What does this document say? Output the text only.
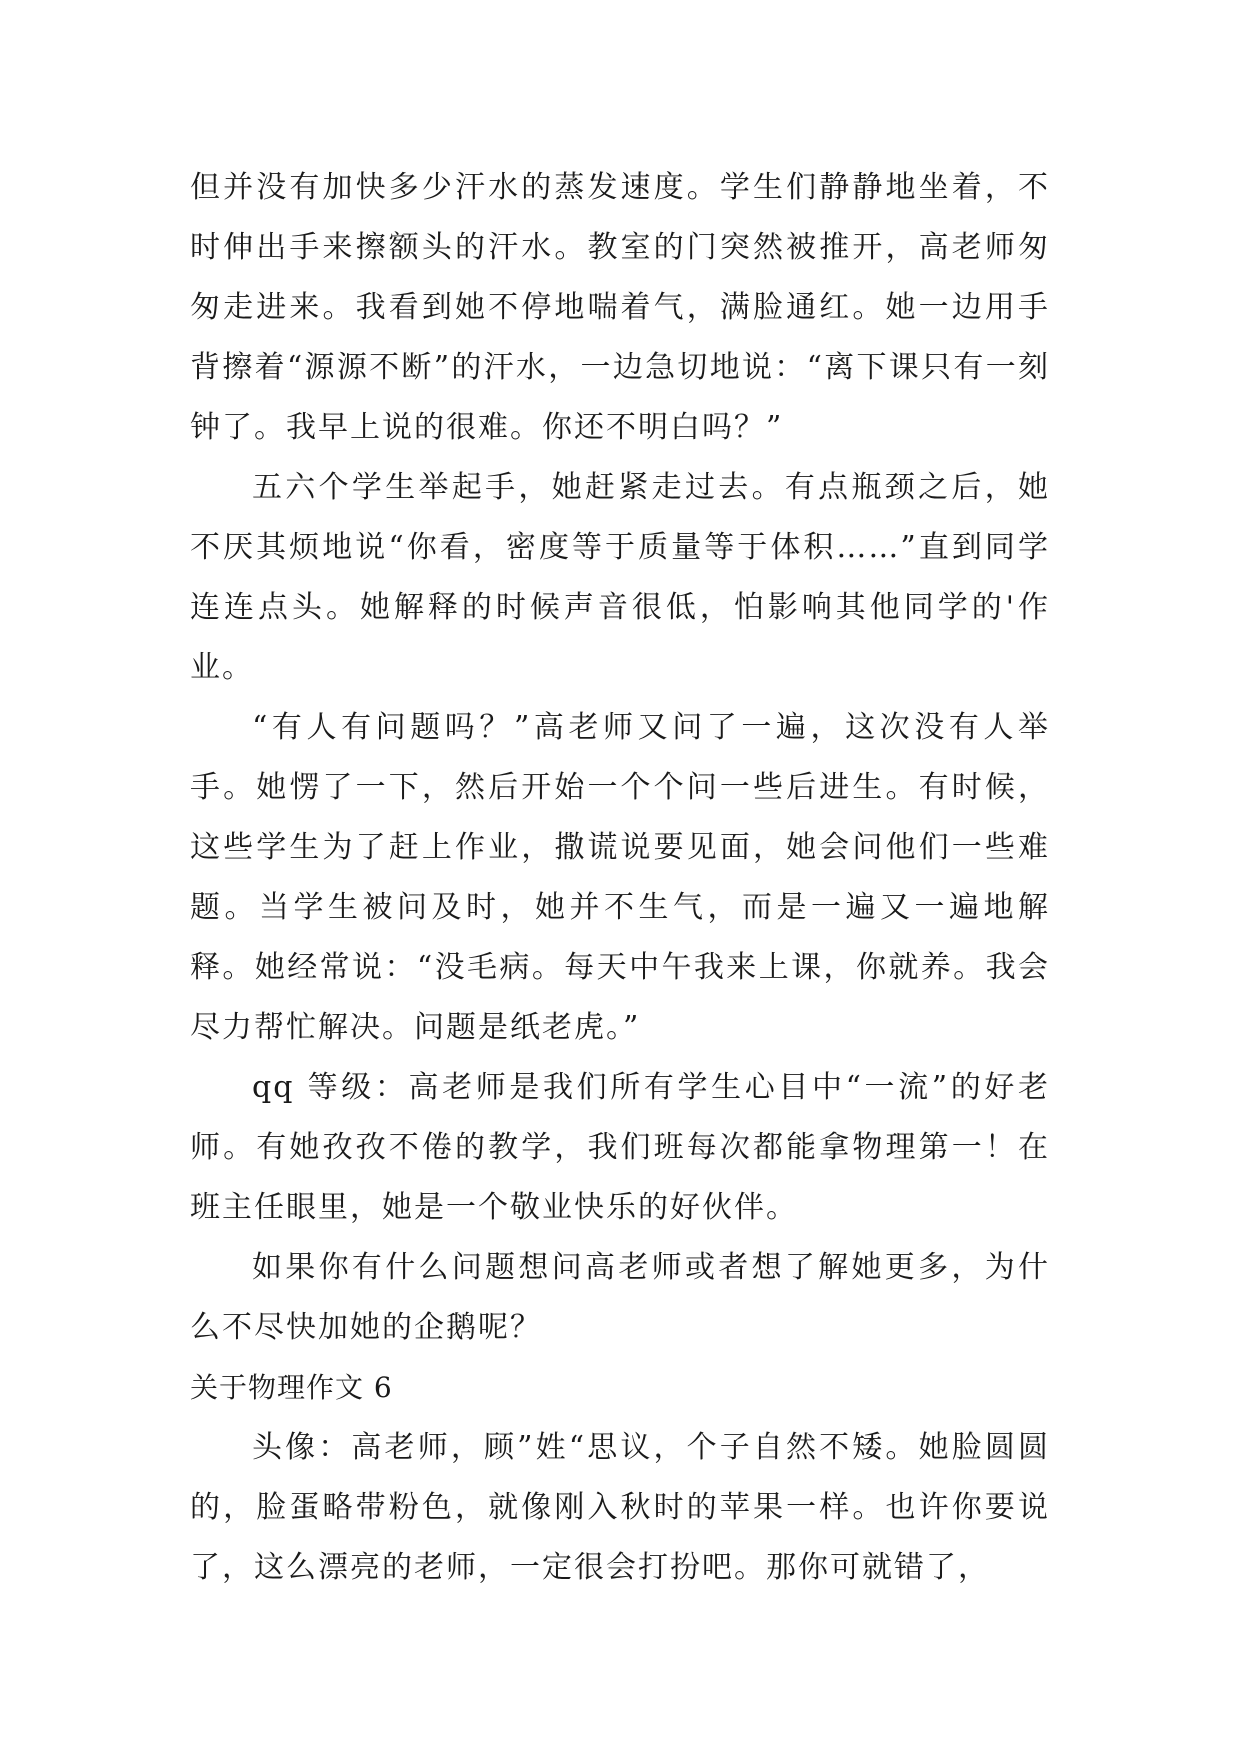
但并没有加快多少汗水的蒸发速度。学生们静静地坐着，不时伸出手来擦额头的汗水。教室的门突然被推开，高老师匆匆走进来。我看到她不停地喘着气，满脸通红。她一边用手背擦着“源源不断”的汗水，一边急切地说：“离下课只有一刻钟了。我早上说的很难。你还不明白吗？”

五六个学生举起手，她赶紧走过去。有点瓶颈之后，她不厌其烦地说“你看，密度等于质量等于体积……”直到同学连连点头。她解释的时候声音很低，怕影响其他同学的'作业。

“有人有问题吗？”高老师又问了一遍，这次没有人举手。她愣了一下，然后开始一个个问一些后进生。有时候，这些学生为了赶上作业，撒谎说要见面，她会问他们一些难题。当学生被问及时，她并不生气，而是一遍又一遍地解释。她经常说：“没毛病。每天中午我来上课，你就养。我会尽力帮忙解决。问题是纸老虎。”

qq 等级：高老师是我们所有学生心目中“一流”的好老师。有她孜孜不倦的教学，我们班每次都能拿物理第一！在班主任眼里，她是一个敬业快乐的好伙伴。

如果你有什么问题想问高老师或者想了解她更多，为什么不尽快加她的企鹅呢？

关于物理作文 6

头像：高老师，顾”姓“思议，个子自然不矮。她脸圆圆的，脸蛋略带粉色，就像刚入秋时的苹果一样。也许你要说了，这么漂亮的老师，一定很会打扮吧。那你可就错了，
